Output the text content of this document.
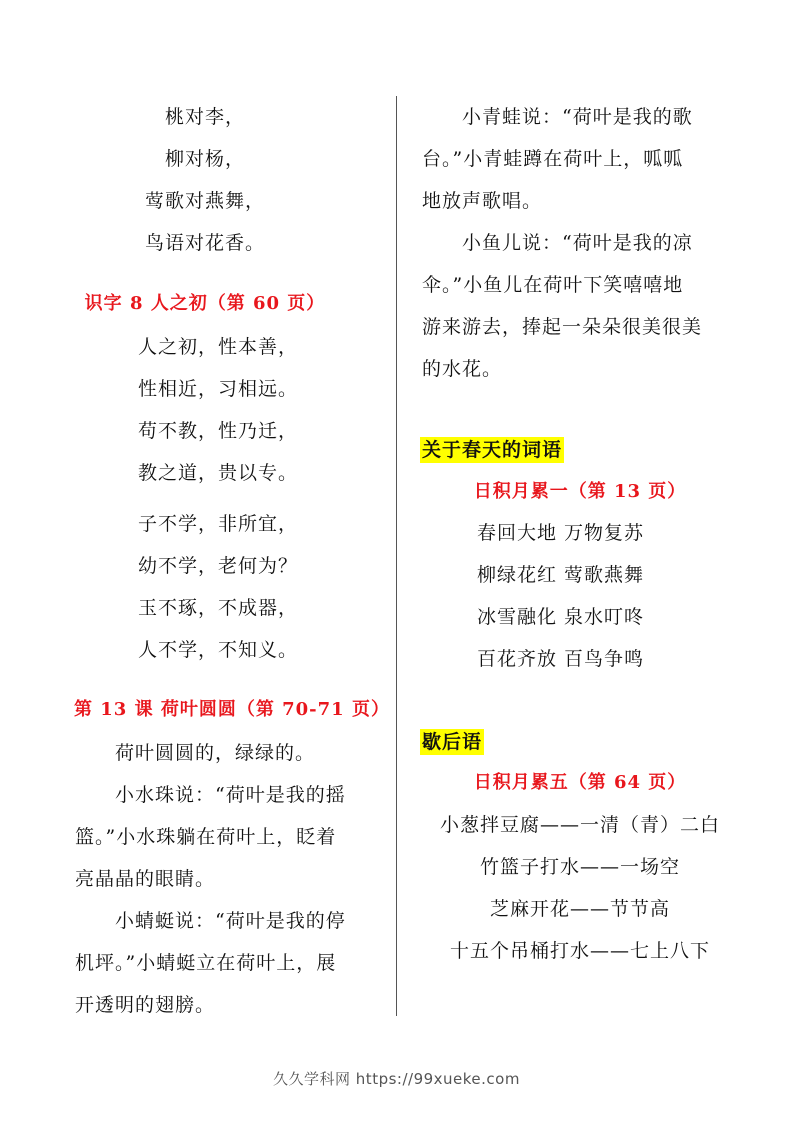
桃对李，
柳对杨，
莺歌对燕舞，
鸟语对花香。
识字 8 人之初（第 60 页）
人之初，性本善，
性相近，习相远。
苟不教，性乃迁，
教之道，贵以专。
子不学，非所宜，
幼不学，老何为？
玉不琢，不成器，
人不学，不知义。
第 13 课 荷叶圆圆（第 70-71 页）
荷叶圆圆的，绿绿的。
小水珠说：“荷叶是我的摇
篮。”小水珠躺在荷叶上，眨着
亮晶晶的眼睛。
小蜻蜓说：“荷叶是我的停
机坪。”小蜻蜓立在荷叶上，展
开透明的翅膀。
小青蛙说：“荷叶是我的歌
台。”小青蛙蹲在荷叶上，呱呱
地放声歌唱。
小鱼儿说：“荷叶是我的凉
伞。”小鱼儿在荷叶下笑嘻嘻地
游来游去，捧起一朵朵很美很美
的水花。
关于春天的词语
日积月累一（第 13 页）
春回大地 万物复苏
柳绿花红 莺歌燕舞
冰雪融化 泉水叮咚
百花齐放 百鸟争鸣
歇后语
日积月累五（第 64 页）
小葱拌豆腐——一清（青）二白
竹篮子打水——一场空
芝麻开花——节节高
十五个吊桶打水——七上八下
久久学科网 https://99xueke.com
